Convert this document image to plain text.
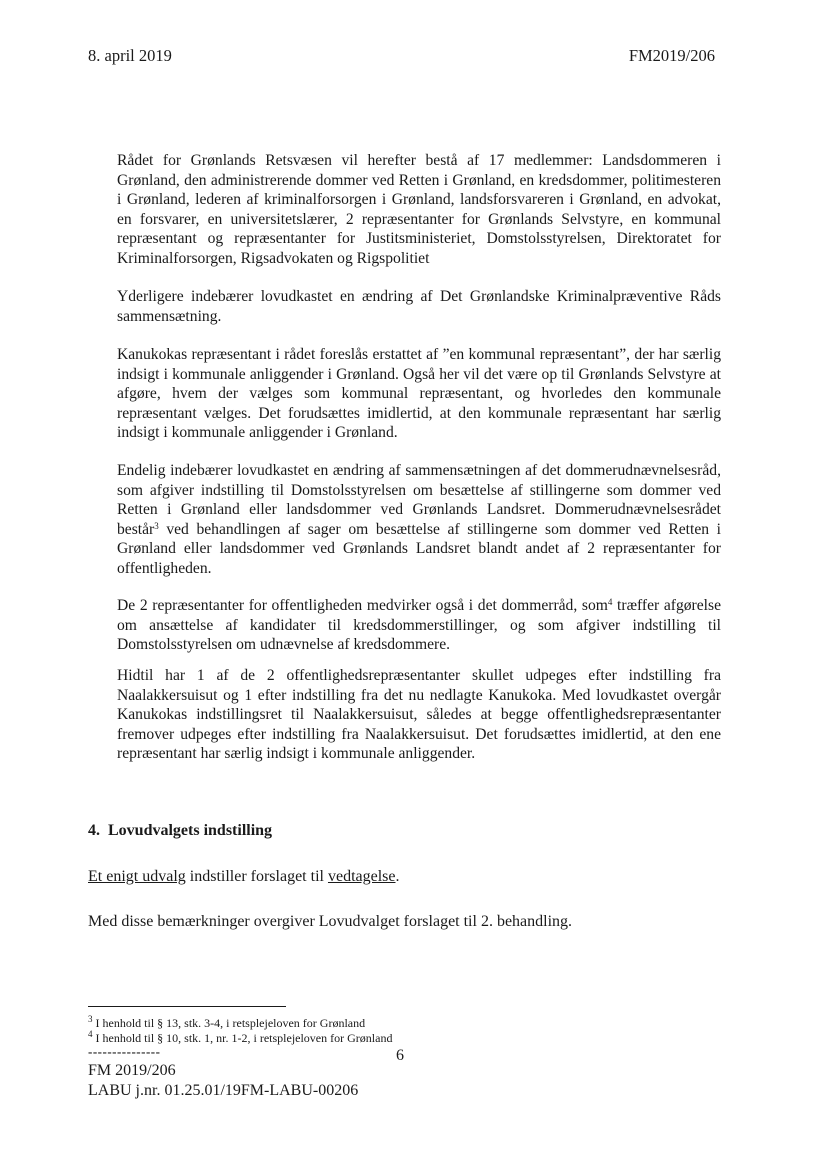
8. april 2019	FM2019/206

Rådet for Grønlands Retsvæsen vil herefter bestå af 17 medlemmer: Landsdommeren i Grønland, den administrerende dommer ved Retten i Grønland, en kredsdommer, politimesteren i Grønland, lederen af kriminalforsorgen i Grønland, landsforsvareren i Grønland, en advokat, en forsvarer, en universitetslærer, 2 repræsentanter for Grønlands Selvstyre, en kommunal repræsentant og repræsentanter for Justitsministeriet, Domstolsstyrelsen, Direktoratet for Kriminalforsorgen, Rigsadvokaten og Rigspolitiet

Yderligere indebærer lovudkastet en ændring af Det Grønlandske Kriminalpræventive Råds sammensætning.

Kanukokas repræsentant i rådet foreslås erstattet af ”en kommunal repræsentant”, der har særlig indsigt i kommunale anliggender i Grønland. Også her vil det være op til Grønlands Selvstyre at afgøre, hvem der vælges som kommunal repræsentant, og hvorledes den kommunale repræsentant vælges. Det forudsættes imidlertid, at den kommunale repræsentant har særlig indsigt i kommunale anliggender i Grønland.

Endelig indebærer lovudkastet en ændring af sammensætningen af det dommerudnævnelsesråd, som afgiver indstilling til Domstolsstyrelsen om besættelse af stillingerne som dommer ved Retten i Grønland eller landsdommer ved Grønlands Landsret. Dommerudnævnelsesrådet består$^3$ ved behandlingen af sager om besættelse af stillingerne som dommer ved Retten i Grønland eller landsdommer ved Grønlands Landsret blandt andet af 2 repræsentanter for offentligheden.

De 2 repræsentanter for offentligheden medvirker også i det dommerråd, som$^4$ træffer afgørelse om ansættelse af kandidater til kredsdommerstillinger, og som afgiver indstilling til Domstolsstyrelsen om udnævnelse af kredsdommere.

Hidtil har 1 af de 2 offentlighedsrepræsentanter skullet udpeges efter indstilling fra Naalakkersuisut og 1 efter indstilling fra det nu nedlagte Kanukoka. Med lovudkastet overgår Kanukokas indstillingsret til Naalakkersuisut, således at begge offentlighedsrepræsentanter fremover udpeges efter indstilling fra Naalakkersuisut. Det forudsættes imidlertid, at den ene repræsentant har særlig indsigt i kommunale anliggender.

4. Lovudvalgets indstilling
Et enigt udvalg indstiller forslaget til vedtagelse.
Med disse bemærkninger overgiver Lovudvalget forslaget til 2. behandling.
$^3$ I henhold til § 13, stk. 3-4, i retsplejeloven for Grønland
$^4$ I henhold til § 10, stk. 1, nr. 1-2, i retsplejeloven for Grønland
---------------	6
FM 2019/206
LABU j.nr. 01.25.01/19FM-LABU-00206
